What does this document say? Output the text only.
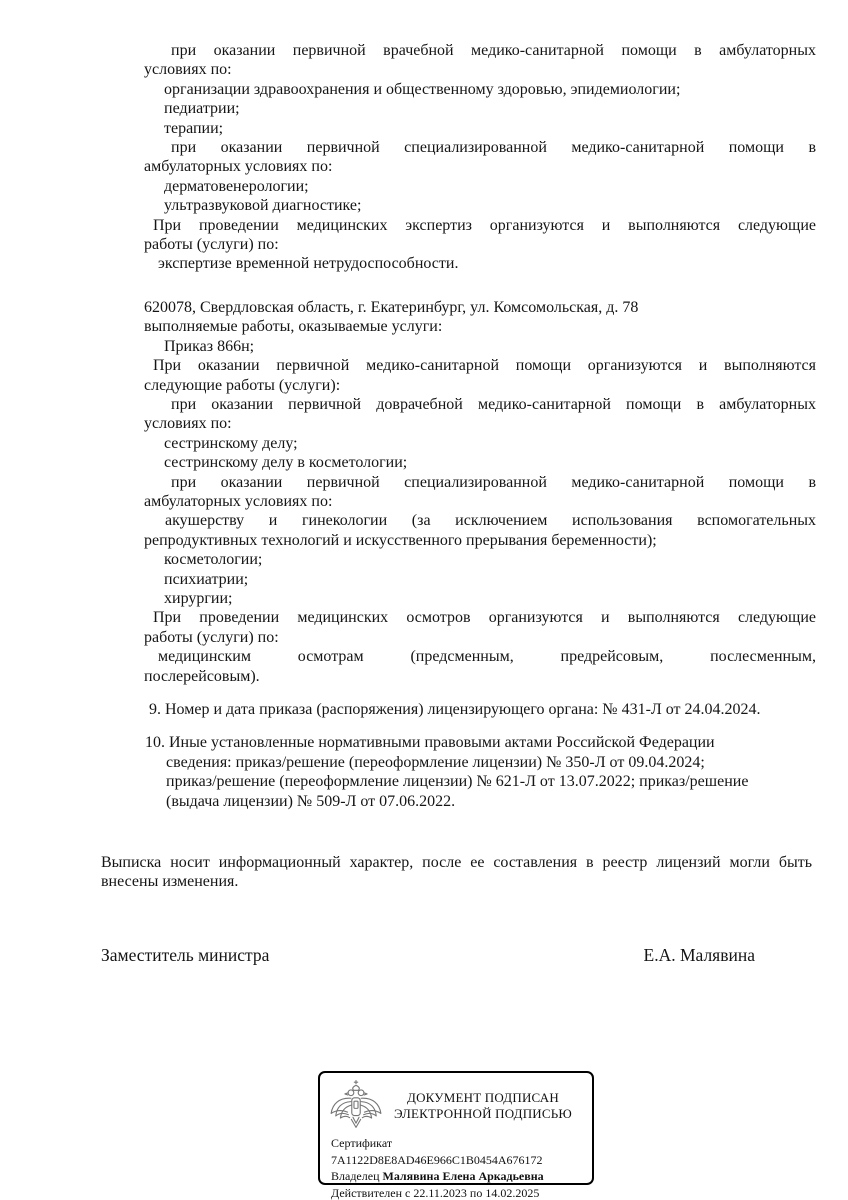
при оказании первичной врачебной медико-санитарной помощи в амбулаторных
условиях по:
организации здравоохранения и общественному здоровью, эпидемиологии;
педиатрии;
терапии;
при оказании первичной специализированной медико-санитарной помощи в
амбулаторных условиях по:
дерматовенерологии;
ультразвуковой диагностике;
При проведении медицинских экспертиз организуются и выполняются следующие
работы (услуги) по:
экспертизе временной нетрудоспособности.
620078, Свердловская область, г. Екатеринбург, ул. Комсомольская, д. 78
выполняемые работы, оказываемые услуги:
Приказ 866н;
При оказании первичной медико-санитарной помощи организуются и выполняются
следующие работы (услуги):
при оказании первичной доврачебной медико-санитарной помощи в амбулаторных
условиях по:
сестринскому делу;
сестринскому делу в косметологии;
при оказании первичной специализированной медико-санитарной помощи в
амбулаторных условиях по:
акушерству и гинекологии (за исключением использования вспомогательных
репродуктивных технологий и искусственного прерывания беременности);
косметологии;
психиатрии;
хирургии;
При проведении медицинских осмотров организуются и выполняются следующие
работы (услуги) по:
медицинским осмотрам (предсменным, предрейсовым, послесменным,
послерейсовым).
9. Номер и дата приказа (распоряжения) лицензирующего органа: № 431-Л от 24.04.2024.
10. Иные установленные нормативными правовыми актами Российской Федерации
сведения: приказ/решение (переоформление лицензии) № 350-Л от 09.04.2024;
приказ/решение (переоформление лицензии) № 621-Л от 13.07.2022; приказ/решение
(выдача лицензии) № 509-Л от 07.06.2022.
Выписка носит информационный характер, после ее составления в реестр лицензий могли быть
внесены изменения.
Заместитель министра	Е.А. Малявина
ДОКУМЕНТ ПОДПИСАН
ЭЛЕКТРОННОЙ ПОДПИСЬЮ
Сертификат 7A1122D8E8AD46E966C1B0454A676172
Владелец Малявина Елена Аркадьевна
Действителен с 22.11.2023 по 14.02.2025
